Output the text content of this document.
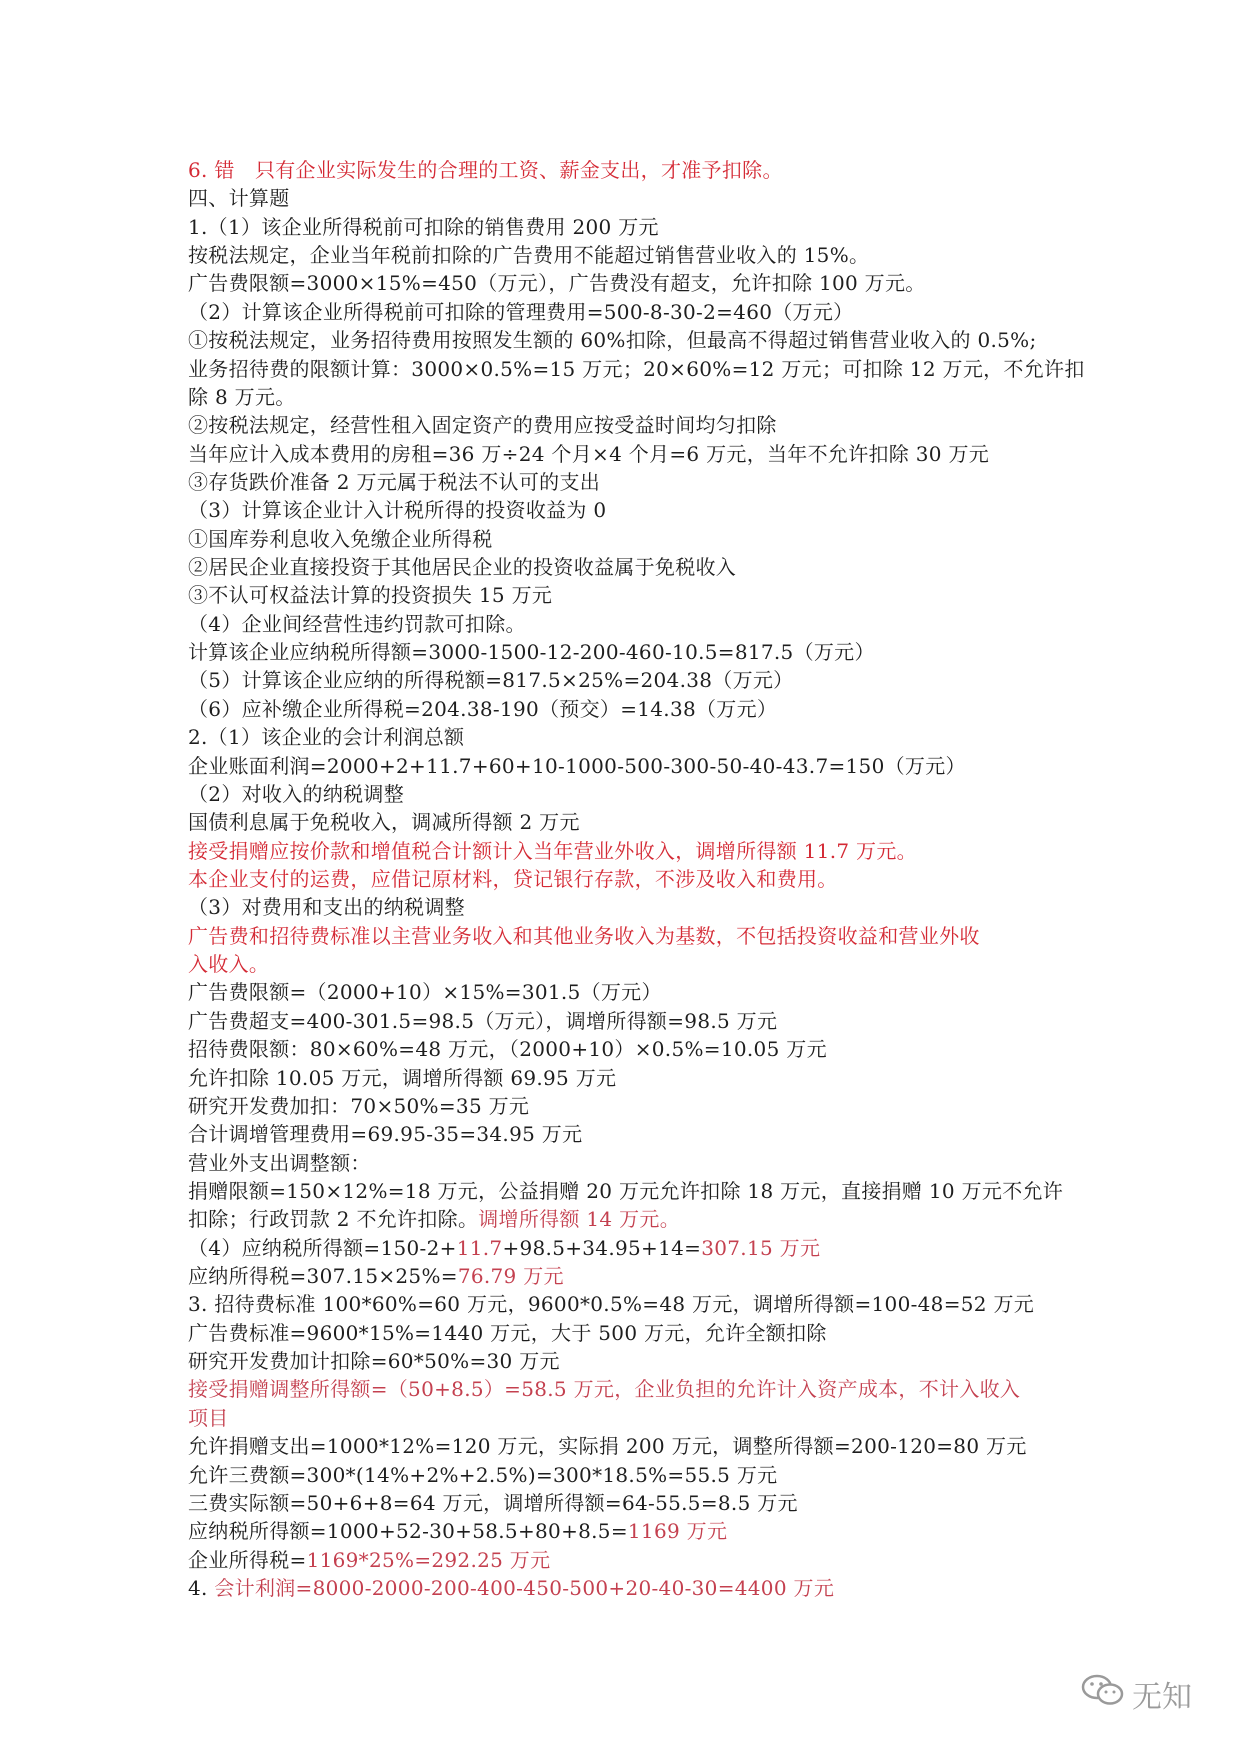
6. 错　只有企业实际发生的合理的工资、薪金支出，才准予扣除。
四、计算题
1.（1）该企业所得税前可扣除的销售费用 200 万元
按税法规定，企业当年税前扣除的广告费用不能超过销售营业收入的 15%。
广告费限额=3000×15%=450（万元），广告费没有超支，允许扣除 100 万元。
（2）计算该企业所得税前可扣除的管理费用=500-8-30-2=460（万元）
①按税法规定，业务招待费用按照发生额的 60%扣除，但最高不得超过销售营业收入的 0.5%;
业务招待费的限额计算：3000×0.5%=15 万元；20×60%=12 万元；可扣除 12 万元，不允许扣
除 8 万元。
②按税法规定，经营性租入固定资产的费用应按受益时间均匀扣除
当年应计入成本费用的房租=36 万÷24 个月×4 个月=6 万元，当年不允许扣除 30 万元
③存货跌价准备 2 万元属于税法不认可的支出
（3）计算该企业计入计税所得的投资收益为 0
①国库券利息收入免缴企业所得税
②居民企业直接投资于其他居民企业的投资收益属于免税收入
③不认可权益法计算的投资损失 15 万元
（4）企业间经营性违约罚款可扣除。
计算该企业应纳税所得额=3000-1500-12-200-460-10.5=817.5（万元）
（5）计算该企业应纳的所得税额=817.5×25%=204.38（万元）
（6）应补缴企业所得税=204.38-190（预交）=14.38（万元）
2.（1）该企业的会计利润总额
企业账面利润=2000+2+11.7+60+10-1000-500-300-50-40-43.7=150（万元）
（2）对收入的纳税调整
国债利息属于免税收入，调减所得额 2 万元
接受捐赠应按价款和增值税合计额计入当年营业外收入，调增所得额 11.7 万元。
本企业支付的运费，应借记原材料，贷记银行存款，不涉及收入和费用。
（3）对费用和支出的纳税调整
广告费和招待费标准以主营业务收入和其他业务收入为基数，不包括投资收益和营业外收
入收入。
广告费限额=（2000+10）×15%=301.5（万元）
广告费超支=400-301.5=98.5（万元），调增所得额=98.5 万元
招待费限额：80×60%=48 万元，（2000+10）×0.5%=10.05 万元
允许扣除 10.05 万元，调增所得额 69.95 万元
研究开发费加扣：70×50%=35 万元
合计调增管理费用=69.95-35=34.95 万元
营业外支出调整额：
捐赠限额=150×12%=18 万元，公益捐赠 20 万元允许扣除 18 万元，直接捐赠 10 万元不允许
扣除；行政罚款 2 不允许扣除。调增所得额 14 万元。
（4）应纳税所得额=150-2+11.7+98.5+34.95+14=307.15 万元
应纳所得税=307.15×25%=76.79 万元
3. 招待费标准 100*60%=60 万元，9600*0.5%=48 万元，调增所得额=100-48=52 万元
广告费标准=9600*15%=1440 万元，大于 500 万元，允许全额扣除
研究开发费加计扣除=60*50%=30 万元
接受捐赠调整所得额=（50+8.5）=58.5 万元，企业负担的允许计入资产成本，不计入收入
项目
允许捐赠支出=1000*12%=120 万元，实际捐 200 万元，调整所得额=200-120=80 万元
允许三费额=300*(14%+2%+2.5%)=300*18.5%=55.5 万元
三费实际额=50+6+8=64 万元，调增所得额=64-55.5=8.5 万元
应纳税所得额=1000+52-30+58.5+80+8.5=1169 万元
企业所得税=1169*25%=292.25 万元
4. 会计利润=8000-2000-200-400-450-500+20-40-30=4400 万元
无知
